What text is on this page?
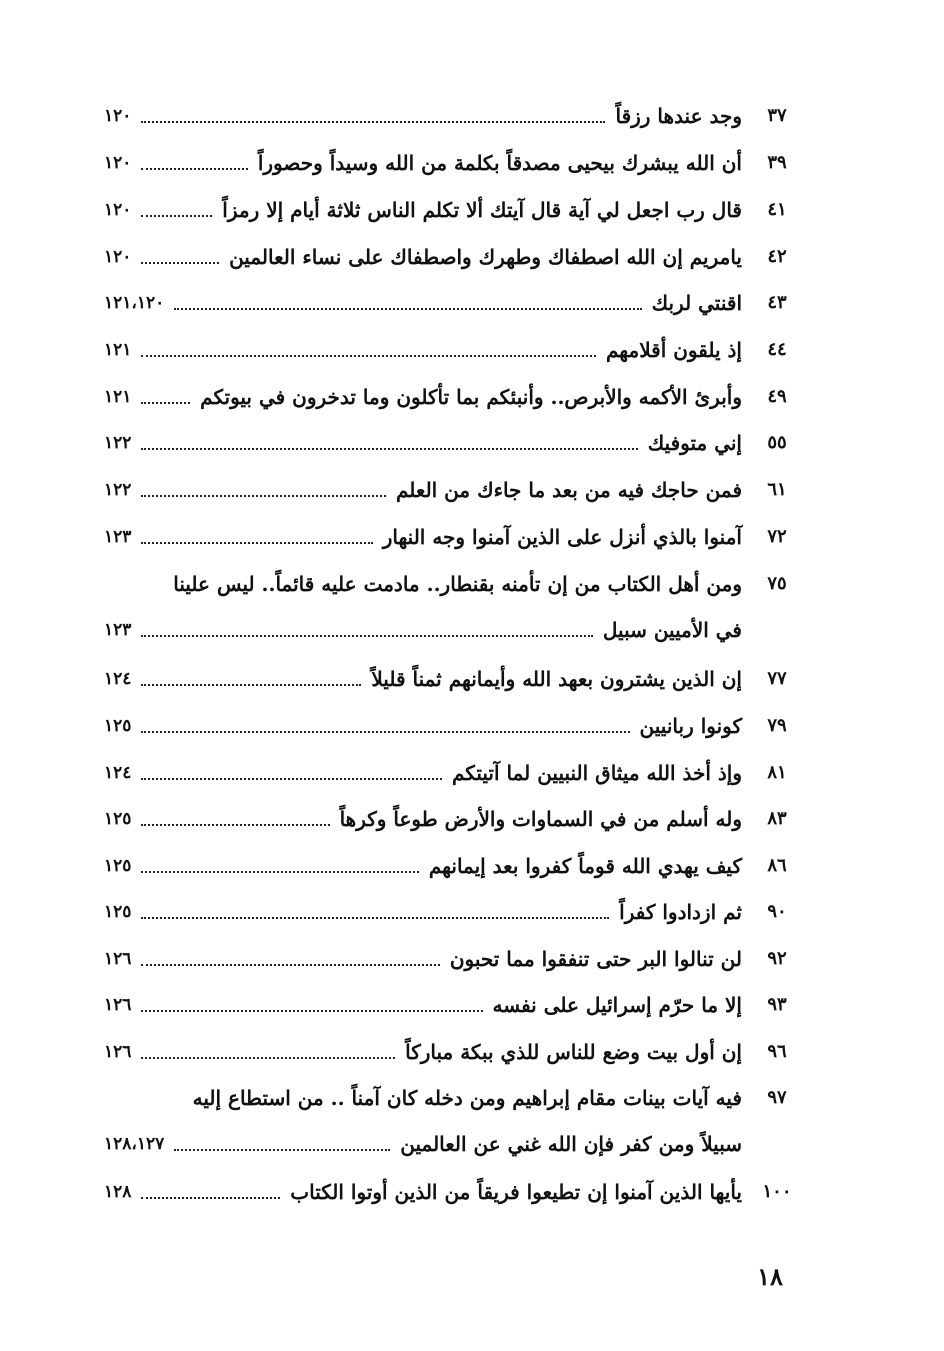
٣٧
وجد عندها رزقاً
١٢٠
٣٩
أن الله يبشرك بيحيى مصدقاً بكلمة من الله وسيداً وحصوراً
١٢٠
٤١
قال رب اجعل لي آية قال آيتك ألا تكلم الناس ثلاثة أيام إلا رمزاً
١٢٠
٤٢
يامريم إن الله اصطفاك وطهرك واصطفاك على نساء العالمين
١٢٠
٤٣
اقنتي لربك
١٢١،١٢٠
٤٤
إذ يلقون أقلامهم
١٢١
٤٩
وأبرئ الأكمه والأبرص.. وأنبئكم بما تأكلون وما تدخرون في بيوتكم
١٢١
٥٥
إني متوفيك
١٢٢
٦١
فمن حاجك فيه من بعد ما جاءك من العلم
١٢٢
٧٢
آمنوا بالذي أنزل على الذين آمنوا وجه النهار
١٢٣
٧٥
ومن أهل الكتاب من إن تأمنه بقنطار.. مادمت عليه قائماً.. ليس علينا
في الأميين سبيل
١٢٣
٧٧
إن الذين يشترون بعهد الله وأيمانهم ثمناً قليلاً
١٢٤
٧٩
كونوا ربانيين
١٢٥
٨١
وإذ أخذ الله ميثاق النبيين لما آتيتكم
١٢٤
٨٣
وله أسلم من في السماوات والأرض طوعاً وكرهاً
١٢٥
٨٦
كيف يهدي الله قوماً كفروا بعد إيمانهم
١٢٥
٩٠
ثم ازدادوا كفراً
١٢٥
٩٢
لن تنالوا البر حتى تنفقوا مما تحبون
١٢٦
٩٣
إلا ما حرّم إسرائيل على نفسه
١٢٦
٩٦
إن أول بيت وضع للناس للذي ببكة مباركاً
١٢٦
٩٧
فيه آيات بينات مقام إبراهيم ومن دخله كان آمناً .. من استطاع إليه
سبيلاً ومن كفر فإن الله غني عن العالمين
١٢٨،١٢٧
١٠٠
يأيها الذين آمنوا إن تطيعوا فريقاً من الذين أوتوا الكتاب
١٢٨
١٨
